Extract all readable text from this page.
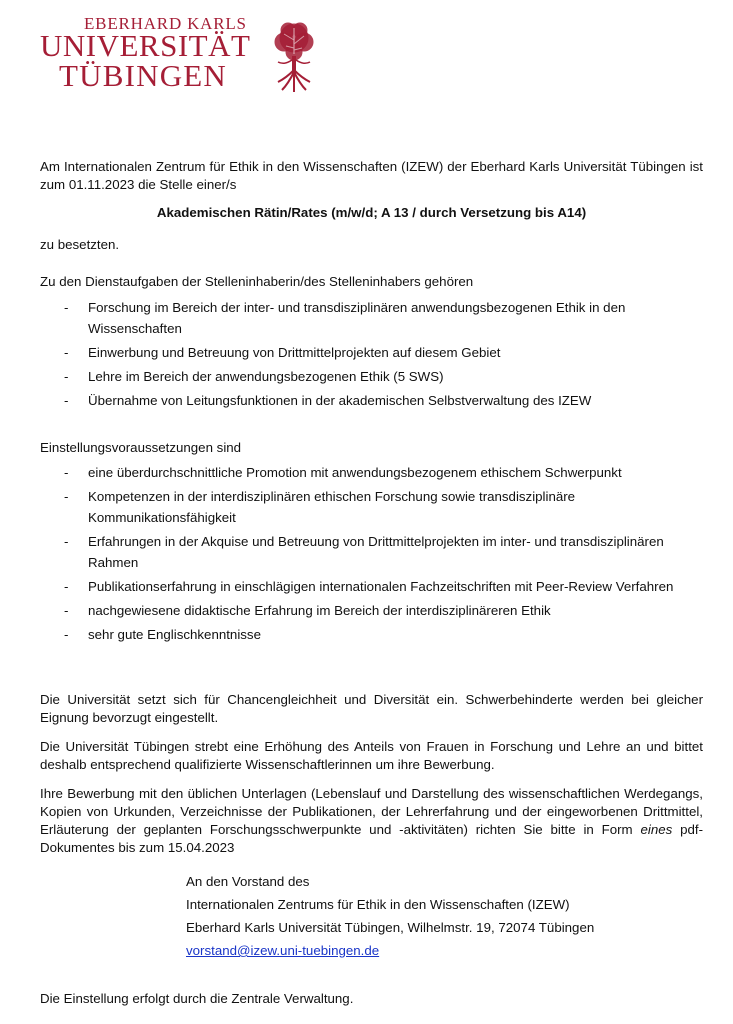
EBERHARD KARLS
UNIVERSITÄT
TÜBINGEN
Am Internationalen Zentrum für Ethik in den Wissenschaften (IZEW) der Eberhard Karls Universität Tübingen ist zum 01.11.2023 die Stelle einer/s
Akademischen Rätin/Rates (m/w/d; A 13 / durch Versetzung bis A14)
zu besetzten.
Zu den Dienstaufgaben der Stelleninhaberin/des Stelleninhabers gehören
- Forschung im Bereich der inter- und transdisziplinären anwendungsbezogenen Ethik in den Wissenschaften
- Einwerbung und Betreuung von Drittmittelprojekten auf diesem Gebiet
- Lehre im Bereich der anwendungsbezogenen Ethik (5 SWS)
- Übernahme von Leitungsfunktionen in der akademischen Selbstverwaltung des IZEW
Einstellungsvoraussetzungen sind
- eine überdurchschnittliche Promotion mit anwendungsbezogenem ethischem Schwerpunkt
- Kompetenzen in der interdisziplinären ethischen Forschung sowie transdisziplinäre Kommunikationsfähigkeit
- Erfahrungen in der Akquise und Betreuung von Drittmittelprojekten im inter- und transdisziplinären Rahmen
- Publikationserfahrung in einschlägigen internationalen Fachzeitschriften mit Peer-Review Verfahren
- nachgewiesene didaktische Erfahrung im Bereich der interdisziplinäreren Ethik
- sehr gute Englischkenntnisse
Die Universität setzt sich für Chancengleichheit und Diversität ein. Schwerbehinderte werden bei gleicher Eignung bevorzugt eingestellt.
Die Universität Tübingen strebt eine Erhöhung des Anteils von Frauen in Forschung und Lehre an und bittet deshalb entsprechend qualifizierte Wissenschaftlerinnen um ihre Bewerbung.
Ihre Bewerbung mit den üblichen Unterlagen (Lebenslauf und Darstellung des wissenschaftlichen Werdegangs, Kopien von Urkunden, Verzeichnisse der Publikationen, der Lehrerfahrung und der eingeworbenen Drittmittel, Erläuterung der geplanten Forschungsschwerpunkte und -aktivitäten) richten Sie bitte in Form eines pdf-Dokumentes bis zum 15.04.2023
An den Vorstand des
Internationalen Zentrums für Ethik in den Wissenschaften (IZEW)
Eberhard Karls Universität Tübingen, Wilhelmstr. 19, 72074 Tübingen
vorstand@izew.uni-tuebingen.de
Die Einstellung erfolgt durch die Zentrale Verwaltung.
